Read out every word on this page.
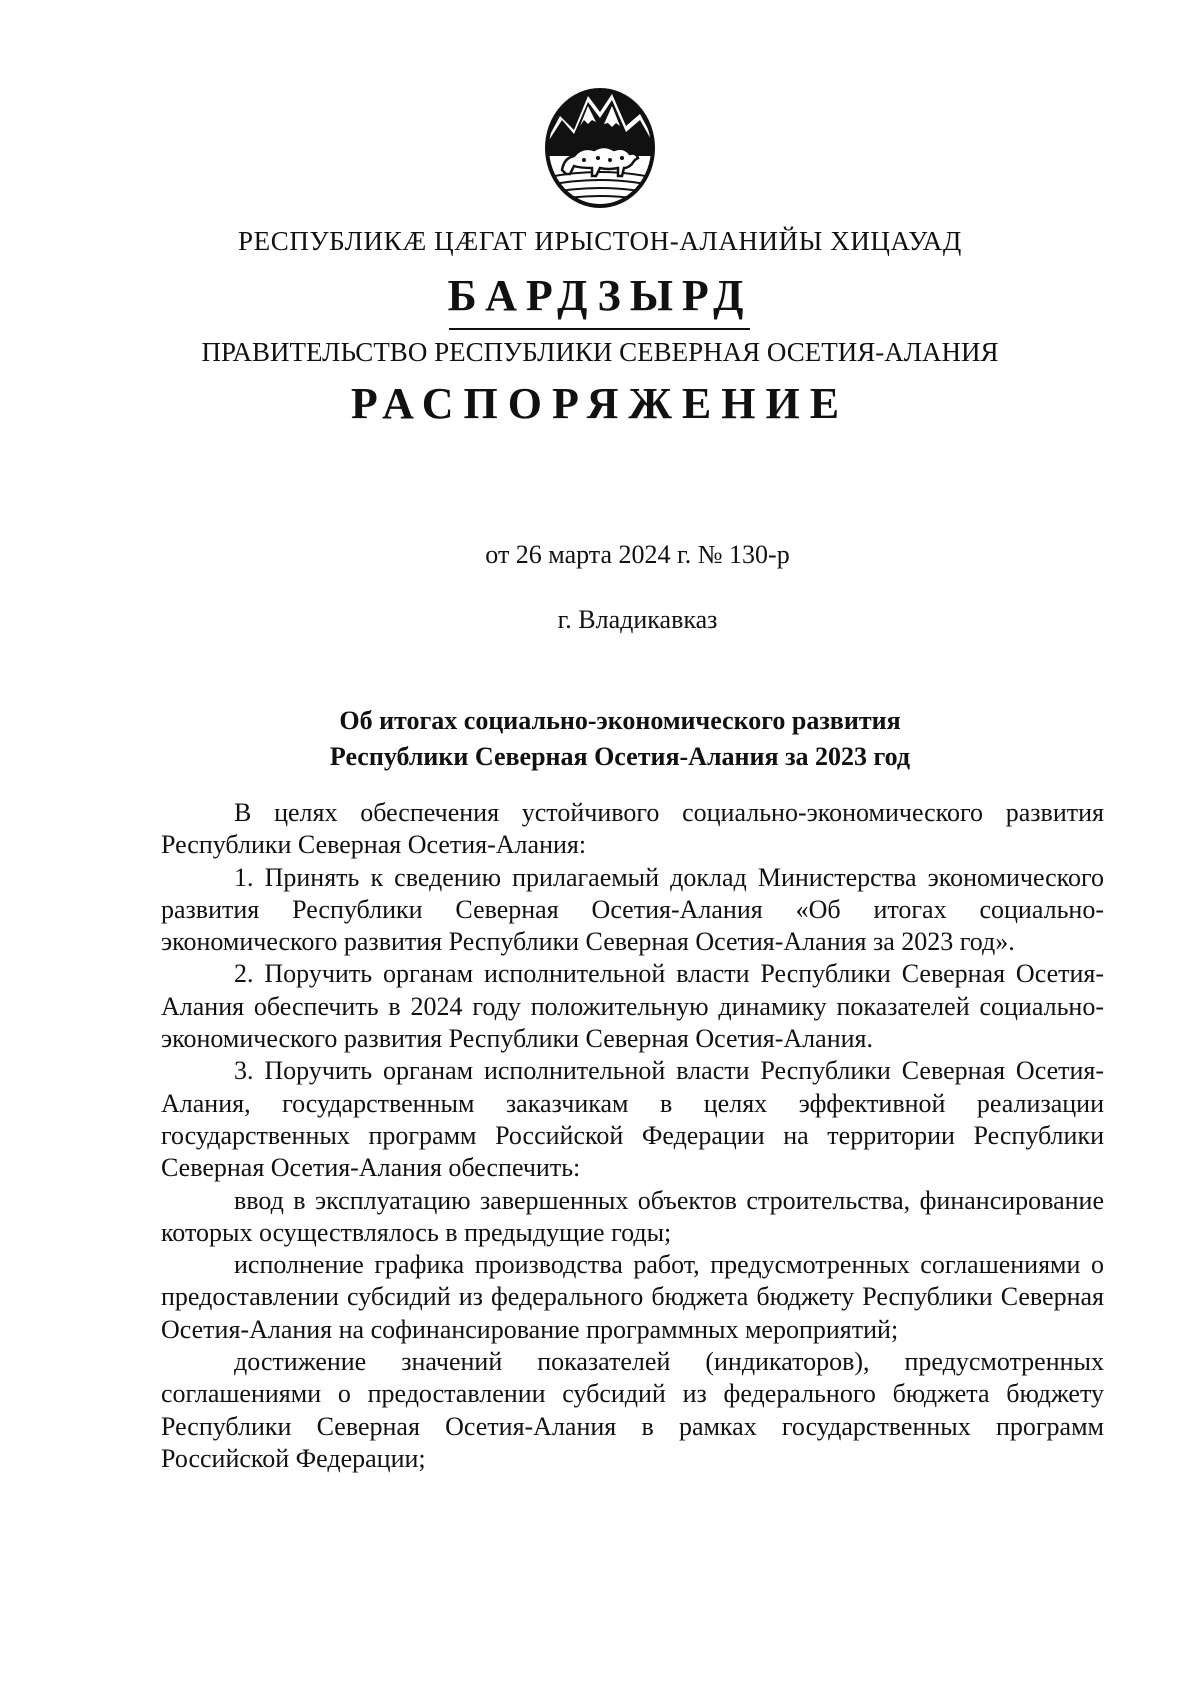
РЕСПУБЛИКӔ ЦӔГАТ ИРЫСТОН-АЛАНИЙЫ ХИЦАУАД
БАРДЗЫРД
ПРАВИТЕЛЬСТВО РЕСПУБЛИКИ СЕВЕРНАЯ ОСЕТИЯ-АЛАНИЯ
РАСПОРЯЖЕНИЕ
от 26 марта 2024 г. № 130-р
г. Владикавказ
Об итогах социально-экономического развития
Республики Северная Осетия-Алания за 2023 год

В целях обеспечения устойчивого социально-экономического развития Республики Северная Осетия-Алания:

1. Принять к сведению прилагаемый доклад Министерства экономического развития Республики Северная Осетия-Алания «Об итогах социально-экономического развития Республики Северная Осетия-Алания за 2023 год».

2. Поручить органам исполнительной власти Республики Северная Осетия-Алания обеспечить в 2024 году положительную динамику показателей социально-экономического развития Республики Северная Осетия-Алания.

3. Поручить органам исполнительной власти Республики Северная Осетия-Алания, государственным заказчикам в целях эффективной реализации государственных программ Российской Федерации на территории Республики Северная Осетия-Алания обеспечить:

ввод в эксплуатацию завершенных объектов строительства, финансирование которых осуществлялось в предыдущие годы;

исполнение графика производства работ, предусмотренных соглашениями о предоставлении субсидий из федерального бюджета бюджету Республики Северная Осетия-Алания на софинансирование программных мероприятий;

достижение значений показателей (индикаторов), предусмотренных соглашениями о предоставлении субсидий из федерального бюджета бюджету Республики Северная Осетия-Алания в рамках государственных программ Российской Федерации;
